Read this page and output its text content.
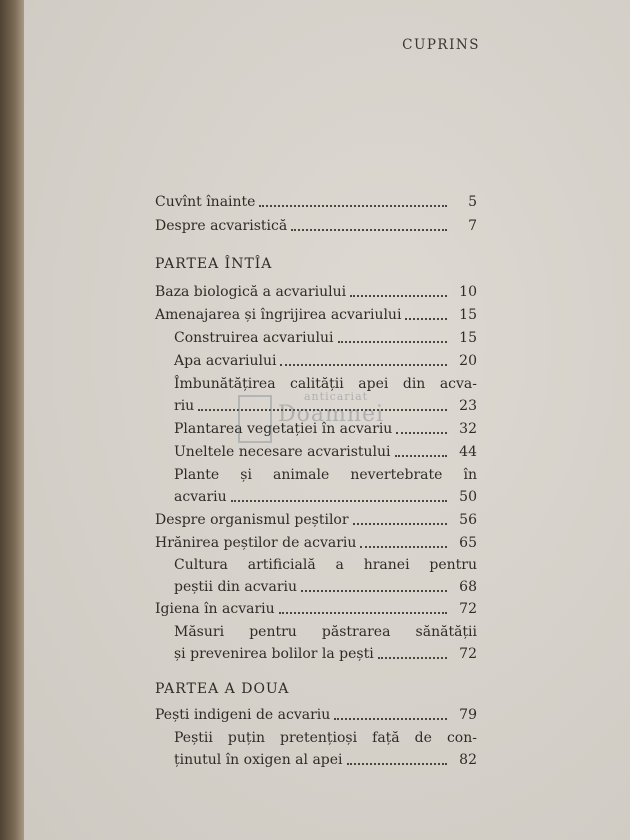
CUPRINS
Cuvînt înainte	5
Despre acvaristică	7
PARTEA ÎNTÎA
Baza biologică a acvariului	10
Amenajarea și îngrijirea acvariului	15
Construirea acvariului	15
Apa acvariului	20
Îmbunătățirea calității apei din acva-
riu	23
Plantarea vegetației în acvariu	32
Uneltele necesare acvaristului	44
Plante și animale nevertebrate în
acvariu	50
Despre organismul peștilor	56
Hrănirea peștilor de acvariu	65
Cultura artificială a hranei pentru
peștii din acvariu	68
Igiena în acvariu	72
Măsuri pentru păstrarea sănătății
și prevenirea bolilor la pești	72
PARTEA A DOUA
Pești indigeni de acvariu	79
Peștii puțin pretențioși față de con-
ținutul în oxigen al apei	82
anticariat
Doamnei
